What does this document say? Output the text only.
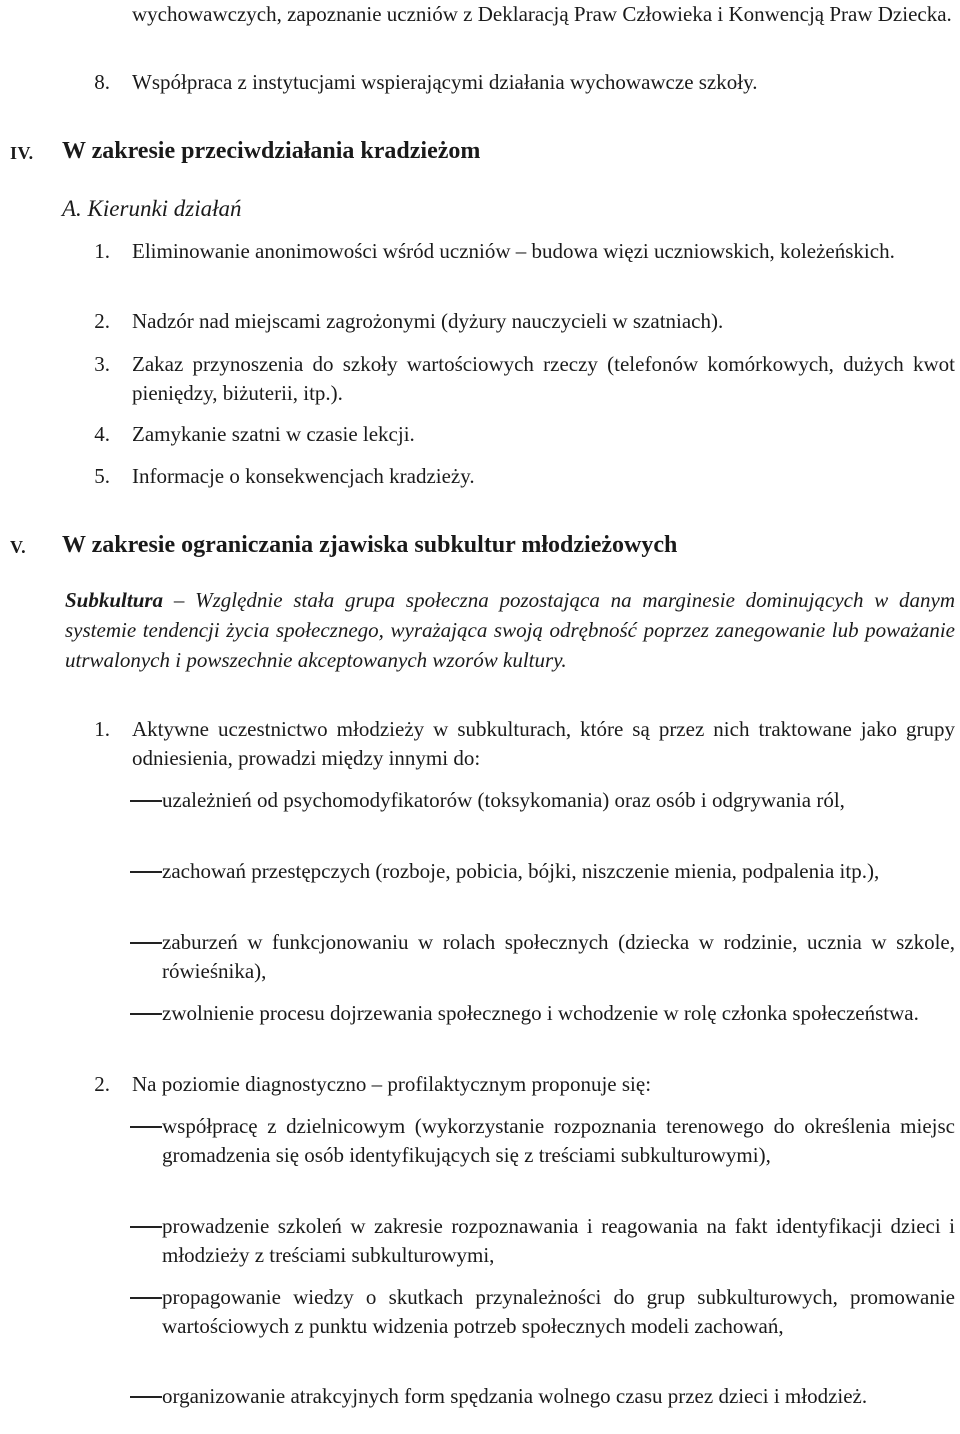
wychowawczych, zapoznanie uczniów z Deklaracją Praw Człowieka i Konwencją Praw Dziecka.
8. Współpraca z instytucjami wspierającymi działania wychowawcze szkoły.
IV. W zakresie przeciwdziałania kradzieżom
A. Kierunki działań
1. Eliminowanie anonimowości wśród uczniów – budowa więzi uczniowskich, koleżeńskich.
2. Nadzór nad miejscami zagrożonymi (dyżury nauczycieli w szatniach).
3. Zakaz przynoszenia do szkoły wartościowych rzeczy (telefonów komórkowych, dużych kwot pieniędzy, biżuterii, itp.).
4. Zamykanie szatni w czasie lekcji.
5. Informacje o konsekwencjach kradzieży.
V. W zakresie ograniczania zjawiska subkultur młodzieżowych
Subkultura – Względnie stała grupa społeczna pozostająca na marginesie dominujących w danym systemie tendencji życia społecznego, wyrażająca swoją odrębność poprzez zanegowanie lub poważanie utrwalonych i powszechnie akceptowanych wzorów kultury.
1. Aktywne uczestnictwo młodzieży w subkulturach, które są przez nich traktowane jako grupy odniesienia, prowadzi między innymi do:
uzależnień od psychomodyfikatorów (toksykomania) oraz osób i odgrywania ról,
zachowań przestępczych (rozboje, pobicia, bójki, niszczenie mienia, podpalenia itp.),
zaburzeń w funkcjonowaniu w rolach społecznych (dziecka w rodzinie, ucznia w szkole, rówieśnika),
zwolnienie procesu dojrzewania społecznego i wchodzenie w rolę członka społeczeństwa.
2. Na poziomie diagnostyczno – profilaktycznym proponuje się:
współpracę z dzielnicowym (wykorzystanie rozpoznania terenowego do określenia miejsc gromadzenia się osób identyfikujących się z treściami subkulturowymi),
prowadzenie szkoleń w zakresie rozpoznawania i reagowania na fakt identyfikacji dzieci i młodzieży z treściami subkulturowymi,
propagowanie wiedzy o skutkach przynależności do grup subkulturowych, promowanie wartościowych z punktu widzenia potrzeb społecznych modeli zachowań,
organizowanie atrakcyjnych form spędzania wolnego czasu przez dzieci i młodzież.
